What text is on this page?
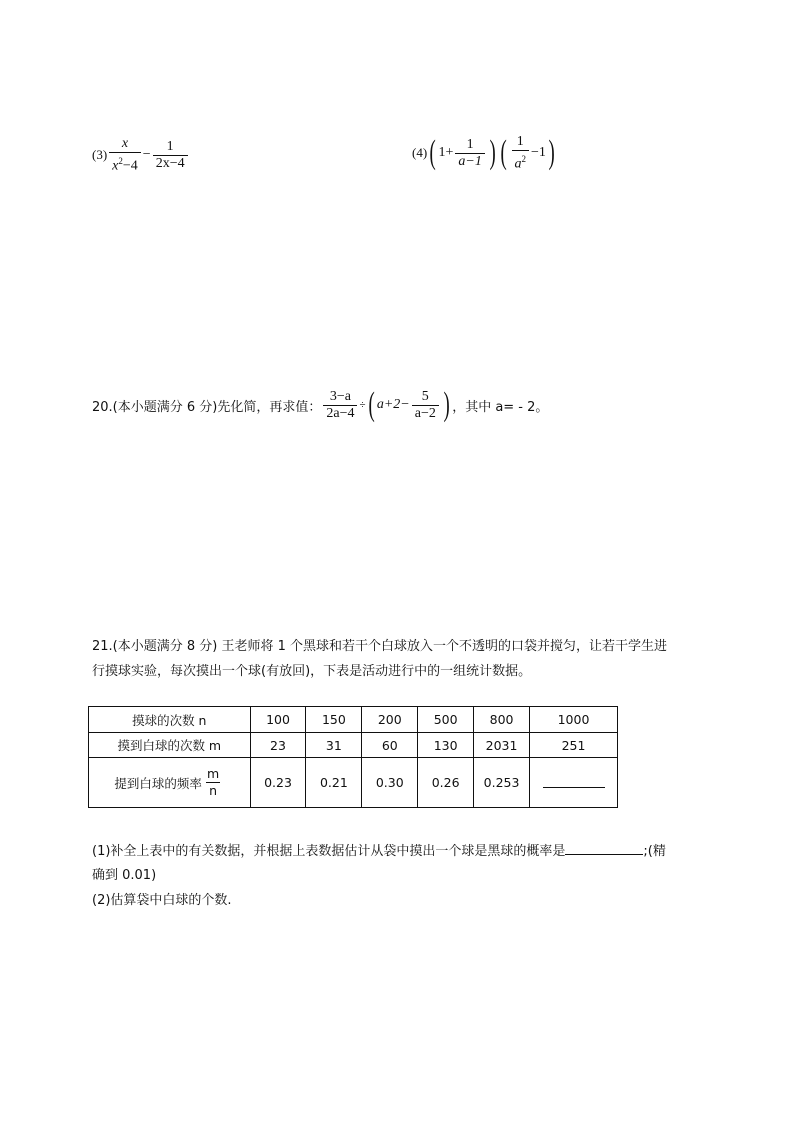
$(3) \frac{x}{x^2-4} - \frac{1}{2x-4}$	(4) ( $1+ \frac{1}{a-1}$ ) ( $\frac{1}{a^2} -1$ )
20.(本小题满分 6 分)先化简，再求值： $\frac{3-a}{2a-4}$ ÷ ( $a+2- \frac{5}{a-2}$ ) ，其中 a= - 2。
21.(本小题满分 8 分) 王老师将 1 个黑球和若干个白球放入一个不透明的口袋并搅匀，让若干学生进
行摸球实验，每次摸出一个球(有放回)，下表是活动进行中的一组统计数据。
摸球的次数 n	100	150	200	500	800	1000
摸到白球的次数 m	23	31	60	130	2031	251

提到白球的频率 $\frac{m}{n}$	0.23	0.21	0.30	0.26	0.253	
(1)补全上表中的有关数据，并根据上表数据估计从袋中摸出一个球是黑球的概率是	;(精
确到 0.01)
(2)估算袋中白球的个数.
